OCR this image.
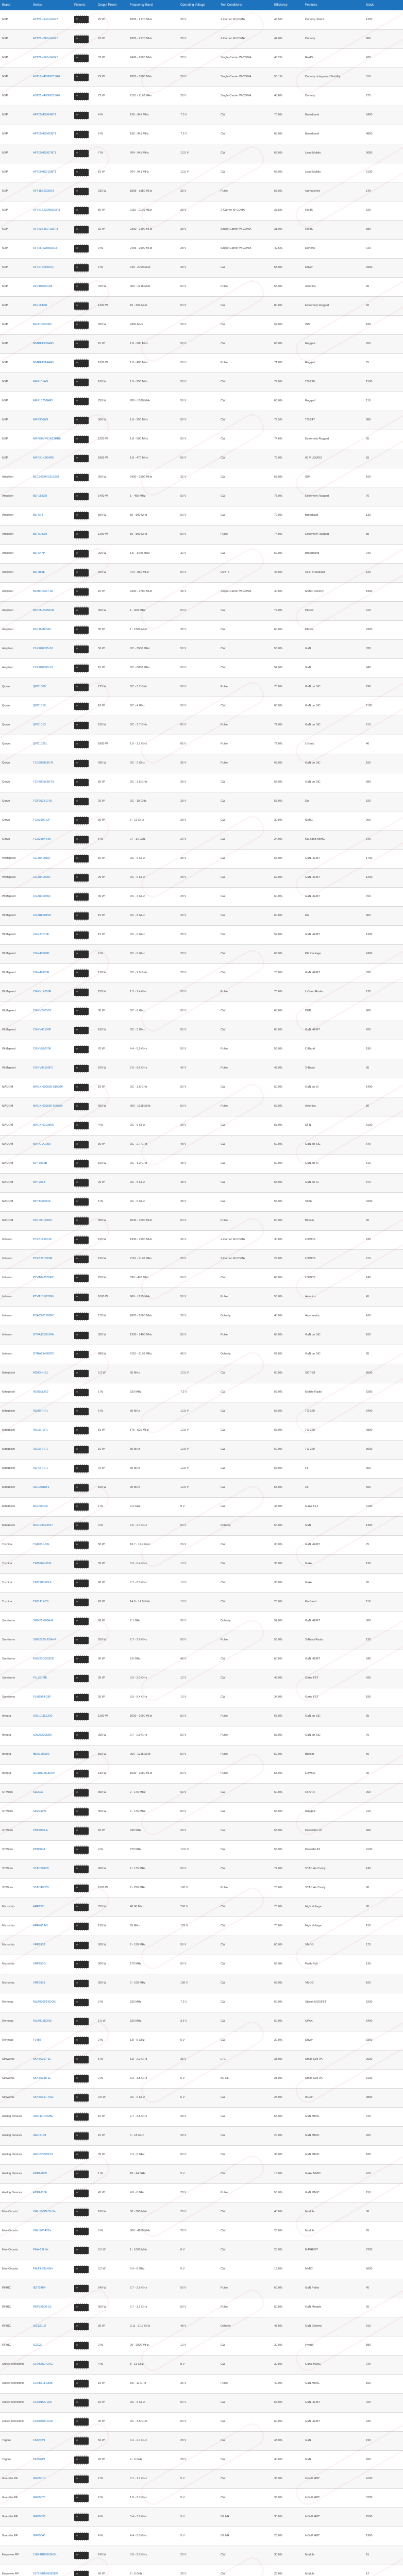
Brand	Series	Pictures	Output Power	Frequency Band	Operating Voltage	Test Conditions	Efficiency	Features	Stock
NXP	A2T21H140-24SR3		25 W	1805 - 2170 MHz	28 V	2-Carrier W-CDMA	44.5%	Doherty, RoHS	1250
NXP	A2T21H360-24SR6		63 W	1805 - 2170 MHz	28 V	2-Carrier W-CDMA	47.0%	Doherty	860
NXP	A2T26H165-24SR3		32 W	2496 - 2690 MHz	28 V	Single-Carrier W-CDMA	43.2%	RoHS	420
NXP	A3T18H450W23SR6		79 W	1805 - 1880 MHz	28 V	Single-Carrier W-CDMA	50.1%	Doherty, Integrated Stability	310
NXP	A3T21H400W23SR6		72 W	2110 - 2170 MHz	28 V	Single-Carrier W-CDMA	48.8%	Doherty	275
NXP	AFT05MS004NT1		4 W	136 - 941 MHz	7.5 V	CW	70.0%	Broadband	5400
NXP	AFT05MS006NT1		6 W	136 - 941 MHz	7.5 V	CW	68.0%	Broadband	4800
NXP	AFT09MS007NT1		7 W	764 - 941 MHz	12.5 V	CW	65.0%	Land Mobile	3600
NXP	AFT09MS015NT1		15 W	764 - 941 MHz	12.5 V	CW	66.0%	Land Mobile	2100
NXP	AFT18S230SR3		230 W	1805 - 1880 MHz	28 V	Pulse	55.0%	Unmatched	140
NXP	AFT21S220W02SR3		50 W	2110 - 2170 MHz	28 V	2-Carrier W-CDMA	33.5%	RoHS	620
NXP	AFT23S160-13SR3		32 W	2300 - 2400 MHz	28 V	Single-Carrier W-CDMA	31.0%	RoHS	380
NXP	AFT26HW050SR3		9 W	2496 - 2690 MHz	28 V	Single-Carrier W-CDMA	42.5%	Doherty	720
NXP	AFT27S006NT1		6 W	728 - 2700 MHz	28 V	CW	58.0%	Driver	2900
NXP	AFV10700HR5		700 W	960 - 1215 MHz	50 V	Pulse	56.0%	Avionics	90
NXP	BLF184XR		1400 W	10 - 600 MHz	50 V	CW	80.0%	Extremely Rugged	60
NXP	MHT1003NR3		250 W	2450 MHz	28 V	CW	57.0%	ISM	180
NXP	MMRF1305HR5		10 W	1.8 - 600 MHz	50 V	CW	65.0%	Rugged	950
NXP	MMRF1314HR5		1000 W	1.8 - 400 MHz	50 V	Pulse	71.0%	Rugged	75
NXP	MRF101AN		100 W	1.8 - 250 MHz	50 V	CW	77.0%	TO-220	1500
NXP	MRF13750HR5		750 W	700 - 1300 MHz	50 V	CW	63.0%	Rugged	110
NXP	MRF300AN		300 W	1.8 - 250 MHz	50 V	CW	77.5%	TO-247	880
NXP	MRFE6VP61K25HR6		1250 W	1.8 - 600 MHz	50 V	CW	74.6%	Extremely Rugged	95
NXP	MRFX1K80HR5		1800 W	1.8 - 470 MHz	65 V	CW	75.0%	65 V LDMOS	55
Ampleon	BLC2425M10LS250		250 W	2400 - 2500 MHz	32 V	CW	58.0%	ISM	160
Ampleon	BLF188XR		1400 W	1 - 450 MHz	50 V	CW	75.0%	Extremely Rugged	70
Ampleon	BLF574		500 W	10 - 500 MHz	50 V	CW	70.0%	Broadcast	130
Ampleon	BLF578XR		1200 W	10 - 500 MHz	50 V	Pulse	74.0%	Extremely Rugged	85
Ampleon	BLF647P		200 W	1.5 - 1400 MHz	32 V	CW	52.0%	Broadband	240
Ampleon	BLF888E		600 W	470 - 860 MHz	50 V	DVB-T	46.0%	UHF Broadcast	120
Ampleon	BLM9D2327-60		10 W	2300 - 2700 MHz	28 V	Single-Carrier W-CDMA	40.0%	MMIC Doherty	1900
Ampleon	BLP05H6350XR		350 W	1 - 600 MHz	50 V	CW	72.0%	Plastic	410
Ampleon	BLP15M9S30		30 W	1 - 1500 MHz	28 V	CW	60.0%	Plastic	2300
Ampleon	CLF1G0035-50		50 W	DC - 3500 MHz	50 V	CW	55.0%	GaN	330
Ampleon	CLF1G0060-10		10 W	DC - 6000 MHz	50 V	CW	52.0%	GaN	640
Qorvo	QPD1008		125 W	DC - 3.2 GHz	50 V	Pulse	70.0%	GaN on SiC	290
Qorvo	QPD1010		10 W	DC - 4 GHz	50 V	CW	60.0%	GaN on SiC	1100
Qorvo	QPD1013		150 W	DC - 2.7 GHz	65 V	Pulse	72.0%	GaN on SiC	210
Qorvo	QPD1025L		1800 W	1.0 - 1.1 GHz	65 V	Pulse	77.0%	L-Band	40
Qorvo	T1G2028536-FL		285 W	DC - 2 GHz	36 V	Pulse	65.0%	GaN on SiC	150
Qorvo	T2G4005528-FS		55 W	DC - 3.5 GHz	28 V	CW	58.0%	GaN on SiC	380
Qorvo	TGF2023-2-05		25 W	DC - 18 GHz	28 V	CW	55.0%	Die	520
Qorvo	TGA2590-CP		30 W	6 - 12 GHz	28 V	CW	30.0%	MMIC	260
Qorvo	TGA2594-HM		5 W	27 - 31 GHz	20 V	CW	24.0%	Ka-Band MMIC	340
Wolfspeed	CG2H40010F		10 W	DC - 6 GHz	28 V	CW	65.0%	GaN HEMT	1700
Wolfspeed	CG2H40025F		25 W	DC - 6 GHz	28 V	CW	62.0%	GaN HEMT	1200
Wolfspeed	CG2H40045F		45 W	DC - 4 GHz	28 V	CW	60.0%	GaN HEMT	760
Wolfspeed	CG2H80015D		15 W	DC - 8 GHz	28 V	CW	60.0%	Die	900
Wolfspeed	CGH27015F		15 W	DC - 6 GHz	28 V	CW	57.0%	GaN HEMT	1350
Wolfspeed	CGH40006P		6 W	DC - 6 GHz	28 V	CW	65.0%	Pill Package	2400
Wolfspeed	CGH40120F		120 W	DC - 2.5 GHz	28 V	CW	70.0%	GaN HEMT	330
Wolfspeed	CGHV14250F		250 W	1.2 - 1.4 GHz	50 V	Pulse	75.0%	L-Band Radar	120
Wolfspeed	CGHV27030S		30 W	DC - 6 GHz	50 V	CW	63.0%	DFN	980
Wolfspeed	CGHV40100F		100 W	DC - 3 GHz	50 V	CW	65.0%	GaN HEMT	420
Wolfspeed	CGHV59070F		70 W	4.4 - 5.9 GHz	50 V	Pulse	55.0%	C-Band	190
Wolfspeed	CGHV96100F2		100 W	7.9 - 9.6 GHz	40 V	Pulse	45.0%	X-Band	95
MACOM	MAGX-000035-01000P		10 W	DC - 3.5 GHz	50 V	CW	60.0%	GaN on Si	1400
MACOM	MAGX-001090-600L00		600 W	960 - 1215 MHz	50 V	Pulse	62.0%	Avionics	80
MACOM	MAGX-011086A		4 W	DC - 6 GHz	28 V	CW	55.0%	DFN	3100
MACOM	MAPC-A1000		30 W	DC - 2.7 GHz	48 V	CW	60.0%	GaN on SiC	640
MACOM	NPT1010B		100 W	DC - 1.2 GHz	48 V	CW	60.0%	GaN on Si	510
MACOM	NPT2018		25 W	DC - 5 GHz	48 V	CW	55.0%	GaN on Si	870
MACOM	NPTB00004A		5 W	DC - 6 GHz	28 V	CW	55.0%	SOIC	4200
MACOM	PH1090-300M		300 W	1030 - 1090 MHz	50 V	Pulse	50.0%	Bipolar	60
Infineon	PTFB191501F		150 W	1930 - 1990 MHz	30 V	2-Carrier W-CDMA	30.0%	LDMOS	230
Infineon	PTFB211503FL		150 W	2110 - 2170 MHz	30 V	2-Carrier W-CDMA	29.0%	LDMOS	210
Infineon	PTVA042502EC		250 W	390 - 470 MHz	50 V	CW	68.0%	LDMOS	140
Infineon	PTVA101K02EV		1000 W	960 - 1215 MHz	50 V	Pulse	55.0%	Avionics	45
Infineon	PXAC261702FC		170 W	2620 - 2690 MHz	28 V	Doherty	45.0%	Asymmetric	160
Infineon	GTVA123501FA		350 W	1200 - 1400 MHz	50 V	Pulse	65.0%	GaN on SiC	100
Infineon	GTRA214902FC		490 W	2110 - 2170 MHz	48 V	Doherty	52.0%	GaN on SiC	85
Mitsubishi	RD00HHS1		0.3 W	30 MHz	12.5 V	CW	60.0%	SOT-89	8500
Mitsubishi	RD01MUS2		1 W	520 MHz	7.2 V	CW	55.0%	Mobile Radio	6200
Mitsubishi	RD06HHF1		6 W	30 MHz	12.5 V	CW	55.0%	TO-220	3400
Mitsubishi	RD15HVF1		15 W	175 - 520 MHz	12.5 V	CW	55.0%	TO-220	2800
Mitsubishi	RD16HHF1		16 W	30 MHz	12.5 V	CW	60.0%	TO-220	3000
Mitsubishi	RD70HHF1		70 W	30 MHz	12.5 V	CW	55.0%	HF	900
Mitsubishi	RD100HHF1		100 W	30 MHz	12.5 V	CW	55.0%	HF	650
Mitsubishi	MGF0904A		1 W	2.3 GHz	9 V	CW	45.0%	GaAs FET	2100
Mitsubishi	MGFS36E2527		4 W	2.5 - 2.7 GHz	50 V	Doherty	50.0%	GaN	1300
Toshiba	TGI1011-50L		50 W	10.7 - 11.7 GHz	24 V	CW	30.0%	GaN HEMT	75
Toshiba	TIM5964-35SL		35 W	5.9 - 6.4 GHz	10 V	CW	35.0%	GaAs	130
Toshiba	TIM7785-60UL		60 W	7.7 - 8.5 GHz	10 V	CW	33.0%	GaAs	95
Toshiba	TIM1414-20		20 W	14.0 - 14.5 GHz	10 V	CW	25.0%	Ku-Band	110
Sumitomo	SGN21-060H-R		60 W	2.1 GHz	50 V	Doherty	52.0%	GaN HEMT	360
Sumitomo	SGN2729-250H-R		250 W	2.7 - 2.9 GHz	50 V	Pulse	55.0%	S-Band Radar	120
Sumitomo	EGN26C030I2D		30 W	2.6 GHz	48 V	CW	60.0%	GaN HEMT	540
Sumitomo	FLL351ME		35 W	0.9 - 2.0 GHz	12 V	CW	45.0%	GaAs FET	420
Sumitomo	FLM5964-25F		25 W	5.9 - 6.4 GHz	10 V	CW	34.0%	GaAs FET	190
Integra	IGN1011L1200		1200 W	1030 - 1090 MHz	50 V	Pulse	65.0%	GaN on SiC	35
Integra	IGN2729M250		250 W	2.7 - 2.9 GHz	50 V	Pulse	55.0%	GaN on SiC	70
Integra	IB0912M500		500 W	960 - 1215 MHz	50 V	Pulse	50.0%	Bipolar	50
Integra	ILD1011M130HV		130 W	1030 - 1090 MHz	50 V	Pulse	55.0%	LDMOS	90
STMicro	SD2932		300 W	2 - 175 MHz	50 V	CW	60.0%	HF/VHF	260
STMicro	SD2942W		350 W	2 - 175 MHz	50 V	CW	65.0%	Rugged	210
STMicro	PD57060-E		60 W	945 MHz	28 V	CW	55.0%	PowerSO-10	680
STMicro	PD85004		4 W	870 MHz	13.6 V	CW	55.0%	PowerFLAT	4100
STMicro	STAC2942B		450 W	2 - 175 MHz	50 V	CW	72.0%	STAC Air Cavity	140
STMicro	STAC4932B		1000 W	2 - 250 MHz	100 V	Pulse	70.0%	STAC Air Cavity	60
Microchip	ARF1511		750 W	40.68 MHz	250 V	CW	75.0%	High Voltage	80
Microchip	ARF461AG		150 W	65 MHz	125 V	CW	70.0%	High Voltage	150
Microchip	VRF2933		300 W	2 - 150 MHz	50 V	CW	60.0%	VMOS	170
Microchip	VRF151G		300 W	175 MHz	50 V	CW	55.0%	Push-Pull	130
Microchip	VRF3933		300 W	2 - 100 MHz	100 V	CW	65.0%	VMOS	100
Renesas	RQA0009TXDQS		3 W	520 MHz	7.2 V	CW	60.0%	Silicon MOSFET	5200
Renesas	RQA0011DNS		1.5 W	520 MHz	3.6 V	CW	50.0%	UPAK	6400
Renesas	F1485		2 W	1.8 - 5 GHz	5 V	CW	30.0%	Driver	3300
Skyworks	SKY66297-11		5 W	1.8 - 2.2 GHz	28 V	LTE	38.0%	Small Cell PA	2600
Skyworks	SKY66318-11		2 W	3.3 - 3.8 GHz	5 V	5G NR	28.0%	Small Cell PA	3100
Skyworks	SKY65017-70LF		0.5 W	DC - 6 GHz	5 V	CW	25.0%	InGaP	9800
Analog Devices	HMC1114PM5E		10 W	2.7 - 3.8 GHz	28 V	CW	55.0%	GaN MMIC	720
Analog Devices	HMC7149		10 W	6 - 18 GHz	28 V	CW	20.0%	GaN MMIC	260
Analog Devices	HMC8205BF10		35 W	0.3 - 6 GHz	50 V	CW	38.0%	GaN MMIC	180
Analog Devices	ADPA7005		1 W	18 - 44 GHz	5 V	CW	16.0%	GaAs MMIC	410
Analog Devices	ADPA1106		45 W	4.8 - 6 GHz	28 V	Pulse	50.0%	GaN MMIC	150
Mini-Circuits	ZHL-100W-52-S+		100 W	50 - 500 MHz	28 V	CW	40.0%	Module	30
Mini-Circuits	ZHL-5W-422+		5 W	500 - 4200 MHz	28 V	CW	25.0%	Module	65
Mini-Circuits	PHA-13LN+		0.5 W	1 - 1000 MHz	6 V	CW	20.0%	E-PHEMT	7200
Mini-Circuits	PMA3-83LNW+		0.2 W	0.4 - 8 GHz	5 V	CW	18.0%	MMIC	5600
RFHIC	IE27240P		240 W	2.7 - 2.9 GHz	50 V	Pulse	60.0%	GaN Pallet	45
RFHIC	RRP27500-10		500 W	2.7 - 3.1 GHz	50 V	Pulse	50.0%	GaN Module	20
RFHIC	ID21301D		30 W	2.11 - 2.17 GHz	48 V	Doherty	48.0%	GaN Doherty	310
RFHIC	IC2020		2 W	20 - 2000 MHz	12 V	CW	30.0%	Hybrid	880
United Monolithic	CHA6552-QXG		4 W	8 - 11 GHz	8 V	CW	30.0%	GaAs MMIC	240
United Monolithic	CHA8611-QDB		10 W	8.5 - 11 GHz	25 V	Pulse	40.0%	GaN MMIC	150
United Monolithic	CHK015A-QIA		15 W	DC - 6 GHz	50 V	CW	55.0%	GaN HEMT	420
United Monolithic	CHK040A-SOA		40 W	DC - 3.5 GHz	50 V	CW	60.0%	GaN HEMT	230
Tagore	TA8232N		50 W	0.4 - 2.7 GHz	28 V	CW	48.0%	GaN	190
Tagore	TA3520N		20 W	2 - 6 GHz	28 V	CW	40.0%	GaN	260
Guerrilla RF	GRF5010		2 W	0.7 - 1.1 GHz	5 V	CW	35.0%	InGaP HBT	4100
Guerrilla RF	GRF5020		2 W	1.8 - 2.7 GHz	5 V	CW	33.0%	InGaP HBT	3700
Guerrilla RF	GRF5536		4 W	3.4 - 3.8 GHz	5 V	5G NR	30.0%	InGaP HBT	2500
Guerrilla RF	GRF5545		4 W	4.4 - 5.0 GHz	5 V	5G NR	28.0%	InGaP HBT	1900
Empower RF	1189-BBM3K5KEL		100 W	0.8 - 2.5 GHz	28 V	CW	30.0%	Module	15
Empower RF	2171-BBM5K8CEM		50 W	2 - 6 GHz	28 V	CW	25.0%	Module	12
